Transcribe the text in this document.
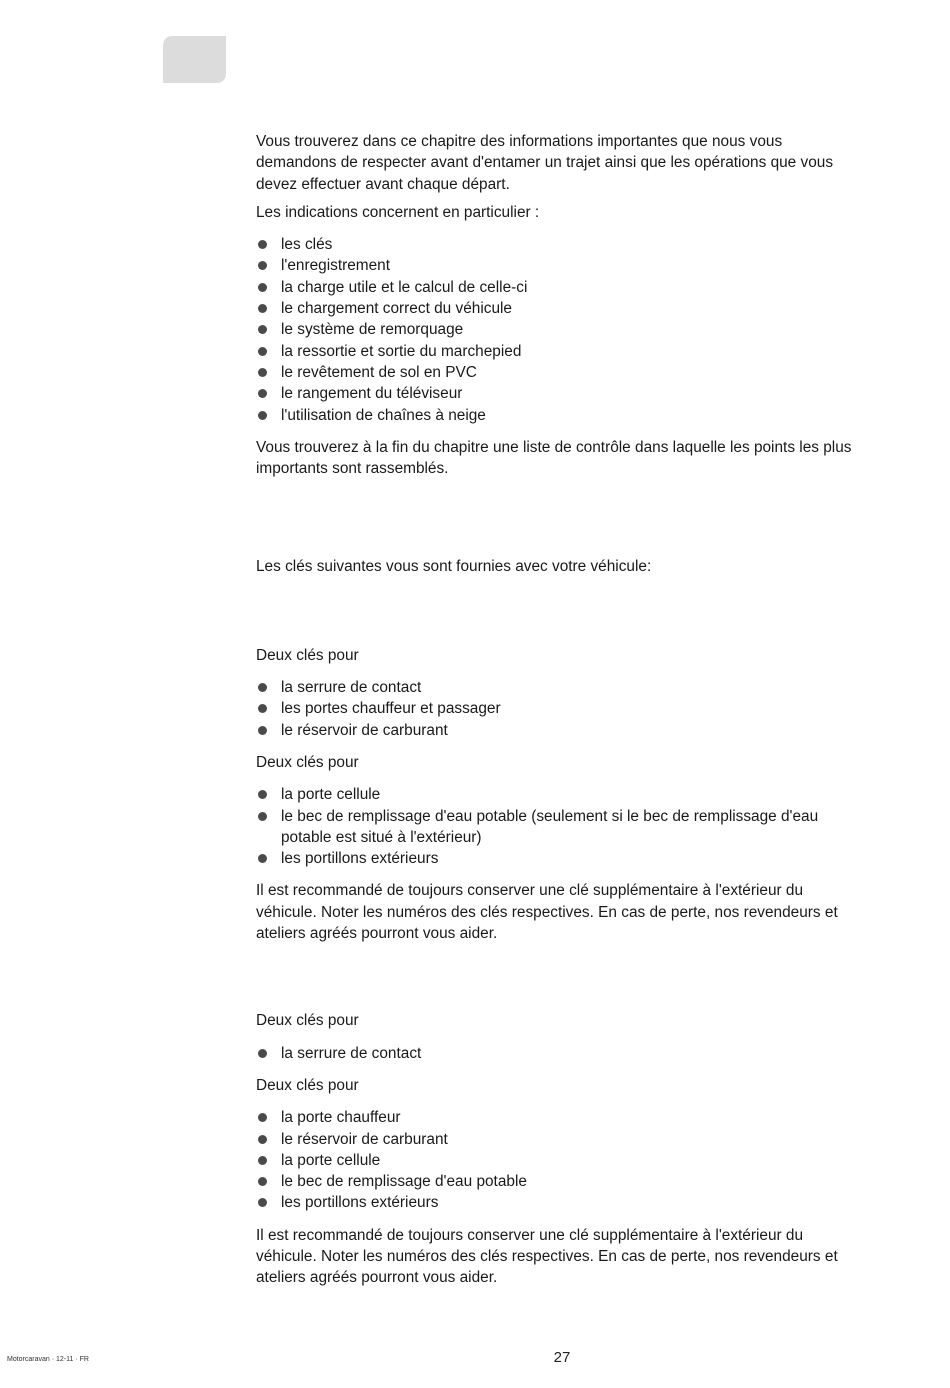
Vous trouverez dans ce chapitre des informations importantes que nous vous demandons de respecter avant d'entamer un trajet ainsi que les opérations que vous devez effectuer avant chaque départ.

Les indications concernent en particulier :

les clés
l'enregistrement
la charge utile et le calcul de celle-ci
le chargement correct du véhicule
le système de remorquage
la ressortie et sortie du marchepied
le revêtement de sol en PVC
le rangement du téléviseur
l'utilisation de chaînes à neige

Vous trouverez à la fin du chapitre une liste de contrôle dans laquelle les points les plus importants sont rassemblés.

Les clés suivantes vous sont fournies avec votre véhicule:

Deux clés pour

la serrure de contact
les portes chauffeur et passager
le réservoir de carburant

Deux clés pour

la porte cellule
le bec de remplissage d'eau potable (seulement si le bec de remplissage d'eau potable est situé à l'extérieur)
les portillons extérieurs

Il est recommandé de toujours conserver une clé supplémentaire à l'extérieur du véhicule. Noter les numéros des clés respectives. En cas de perte, nos revendeurs et ateliers agréés pourront vous aider.

Deux clés pour

la serrure de contact

Deux clés pour

la porte chauffeur
le réservoir de carburant
la porte cellule
le bec de remplissage d'eau potable
les portillons extérieurs

Il est recommandé de toujours conserver une clé supplémentaire à l'extérieur du véhicule. Noter les numéros des clés respectives. En cas de perte, nos revendeurs et ateliers agréés pourront vous aider.

Motorcaravan · 12-11 · FR	27
